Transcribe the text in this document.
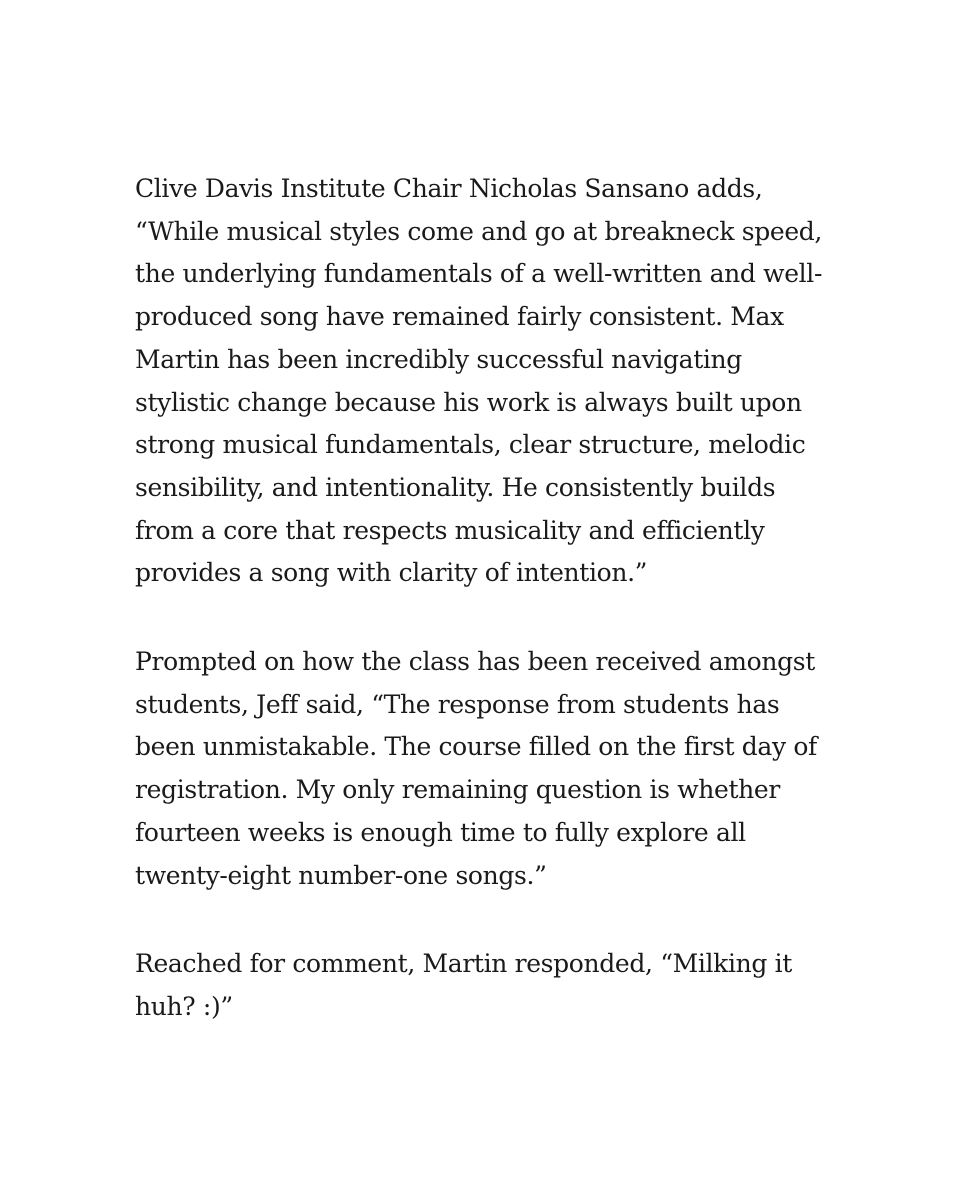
Clive Davis Institute Chair Nicholas Sansano adds,
“While musical styles come and go at breakneck speed,
the underlying fundamentals of a well-written and well-
produced song have remained fairly consistent. Max
Martin has been incredibly successful navigating
stylistic change because his work is always built upon
strong musical fundamentals, clear structure, melodic
sensibility, and intentionality. He consistently builds
from a core that respects musicality and efficiently
provides a song with clarity of intention.”

Prompted on how the class has been received amongst
students, Jeff said, “The response from students has
been unmistakable. The course filled on the first day of
registration. My only remaining question is whether
fourteen weeks is enough time to fully explore all
twenty-eight number-one songs.”

Reached for comment, Martin responded, “Milking it
huh? :)”
